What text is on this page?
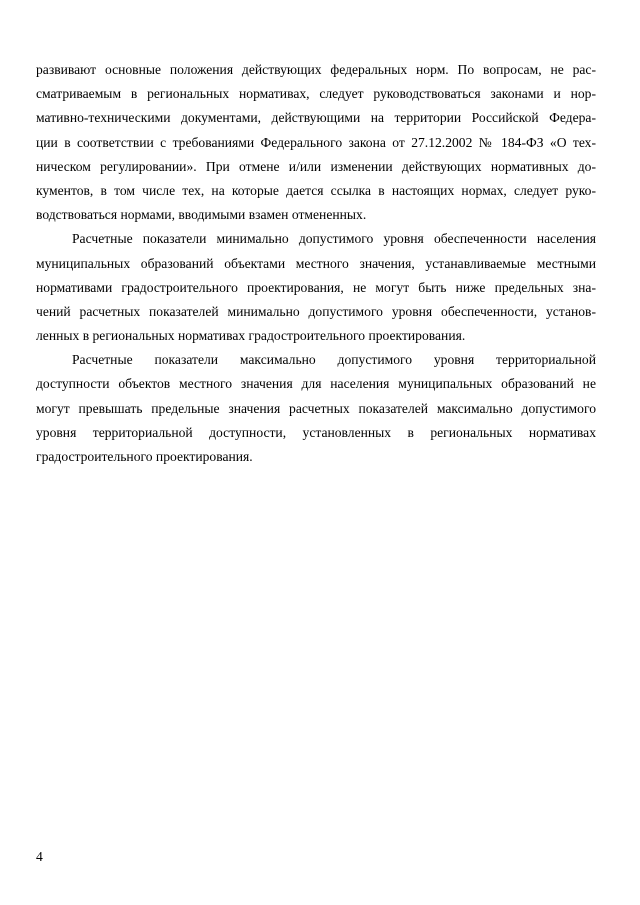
развивают основные положения действующих федеральных норм. По вопросам, не рас-
сматриваемым в региональных нормативах, следует руководствоваться законами и нор-
мативно-техническими документами, действующими на территории Российской Федера-
ции в соответствии с требованиями Федерального закона от 27.12.2002 № 184-ФЗ «О тех-
ническом регулировании». При отмене и/или изменении действующих нормативных до-
кументов, в том числе тех, на которые дается ссылка в настоящих нормах, следует руко-
водствоваться нормами, вводимыми взамен отмененных.
Расчетные показатели минимально допустимого уровня обеспеченности населения
муниципальных образований объектами местного значения, устанавливаемые местными
нормативами градостроительного проектирования, не могут быть ниже предельных зна-
чений расчетных показателей минимально допустимого уровня обеспеченности, установ-
ленных в региональных нормативах градостроительного проектирования.
Расчетные показатели максимально допустимого уровня территориальной
доступности объектов местного значения для населения муниципальных образований не
могут превышать предельные значения расчетных показателей максимально допустимого
уровня территориальной доступности, установленных в региональных нормативах
градостроительного проектирования.
4
